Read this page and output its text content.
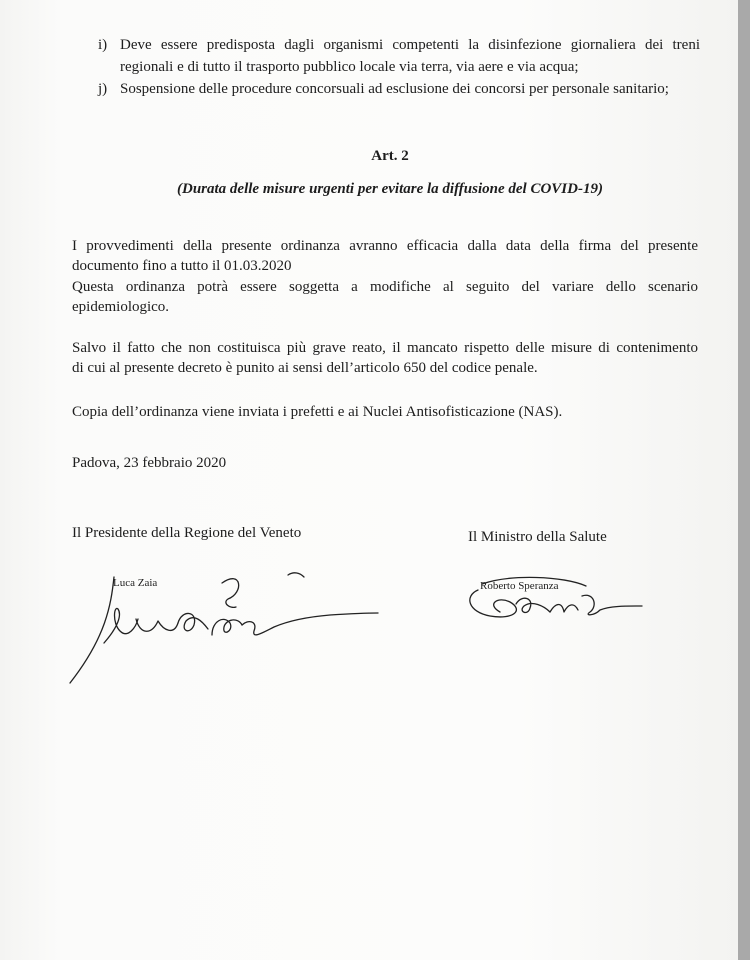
i) Deve essere predisposta dagli organismi competenti la disinfezione giornaliera dei treni
regionali e di tutto il trasporto pubblico locale via terra, via aere e via acqua;
j) Sospensione delle procedure concorsuali ad esclusione dei concorsi per personale sanitario;
Art. 2
(Durata delle misure urgenti per evitare la diffusione del COVID-19)
I provvedimenti della presente ordinanza avranno efficacia dalla data della firma del presente
documento fino a tutto il 01.03.2020
Questa ordinanza potrà essere soggetta a modifiche al seguito del variare dello scenario
epidemiologico.
Salvo il fatto che non costituisca più grave reato, il mancato rispetto delle misure di contenimento
di cui al presente decreto è punito ai sensi dell’articolo 650 del codice penale.
Copia dell’ordinanza viene inviata i prefetti e ai Nuclei Antisofisticazione (NAS).
Padova, 23 febbraio 2020
Il Presidente della Regione del Veneto	Il Ministro della Salute
Luca Zaia	Roberto Speranza
